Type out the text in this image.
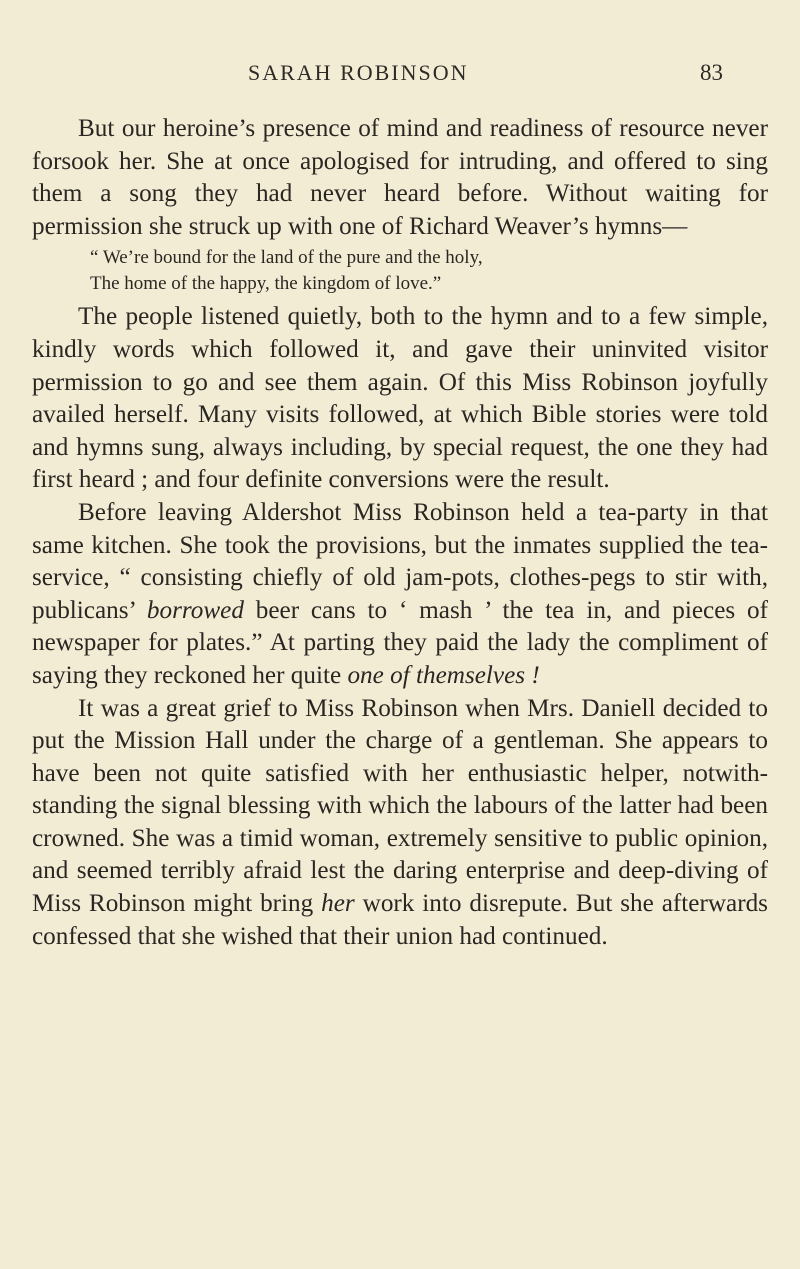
SARAH ROBINSON	83

But our heroine’s presence of mind and readiness of resource never forsook her. She at once apologised for intruding, and offered to sing them a song they had never heard before. Without waiting for permission she struck up with one of Richard Weaver’s hymns—

“ We’re bound for the land of the pure and the holy,
The home of the happy, the kingdom of love.”

The people listened quietly, both to the hymn and to a few simple, kindly words which followed it, and gave their uninvited visitor permission to go and see them again. Of this Miss Robinson joyfully availed herself. Many visits followed, at which Bible stories were told and hymns sung, always including, by special request, the one they had first heard ; and four definite conversions were the result.

Before leaving Aldershot Miss Robinson held a tea-party in that same kitchen. She took the provisions, but the inmates supplied the tea-service, “ consisting chiefly of old jam-pots, clothes-pegs to stir with, publicans’ borrowed beer cans to ‘ mash ’ the tea in, and pieces of newspaper for plates.” At parting they paid the lady the compliment of saying they reckoned her quite one of themselves !

It was a great grief to Miss Robinson when Mrs. Daniell decided to put the Mission Hall under the charge of a gentleman. She appears to have been not quite satisfied with her enthusiastic helper, notwithstanding the signal blessing with which the labours of the latter had been crowned. She was a timid woman, extremely sensitive to public opinion, and seemed terribly afraid lest the daring enterprise and deep-diving of Miss Robinson might bring her work into disrepute. But she afterwards confessed that she wished that their union had continued.
